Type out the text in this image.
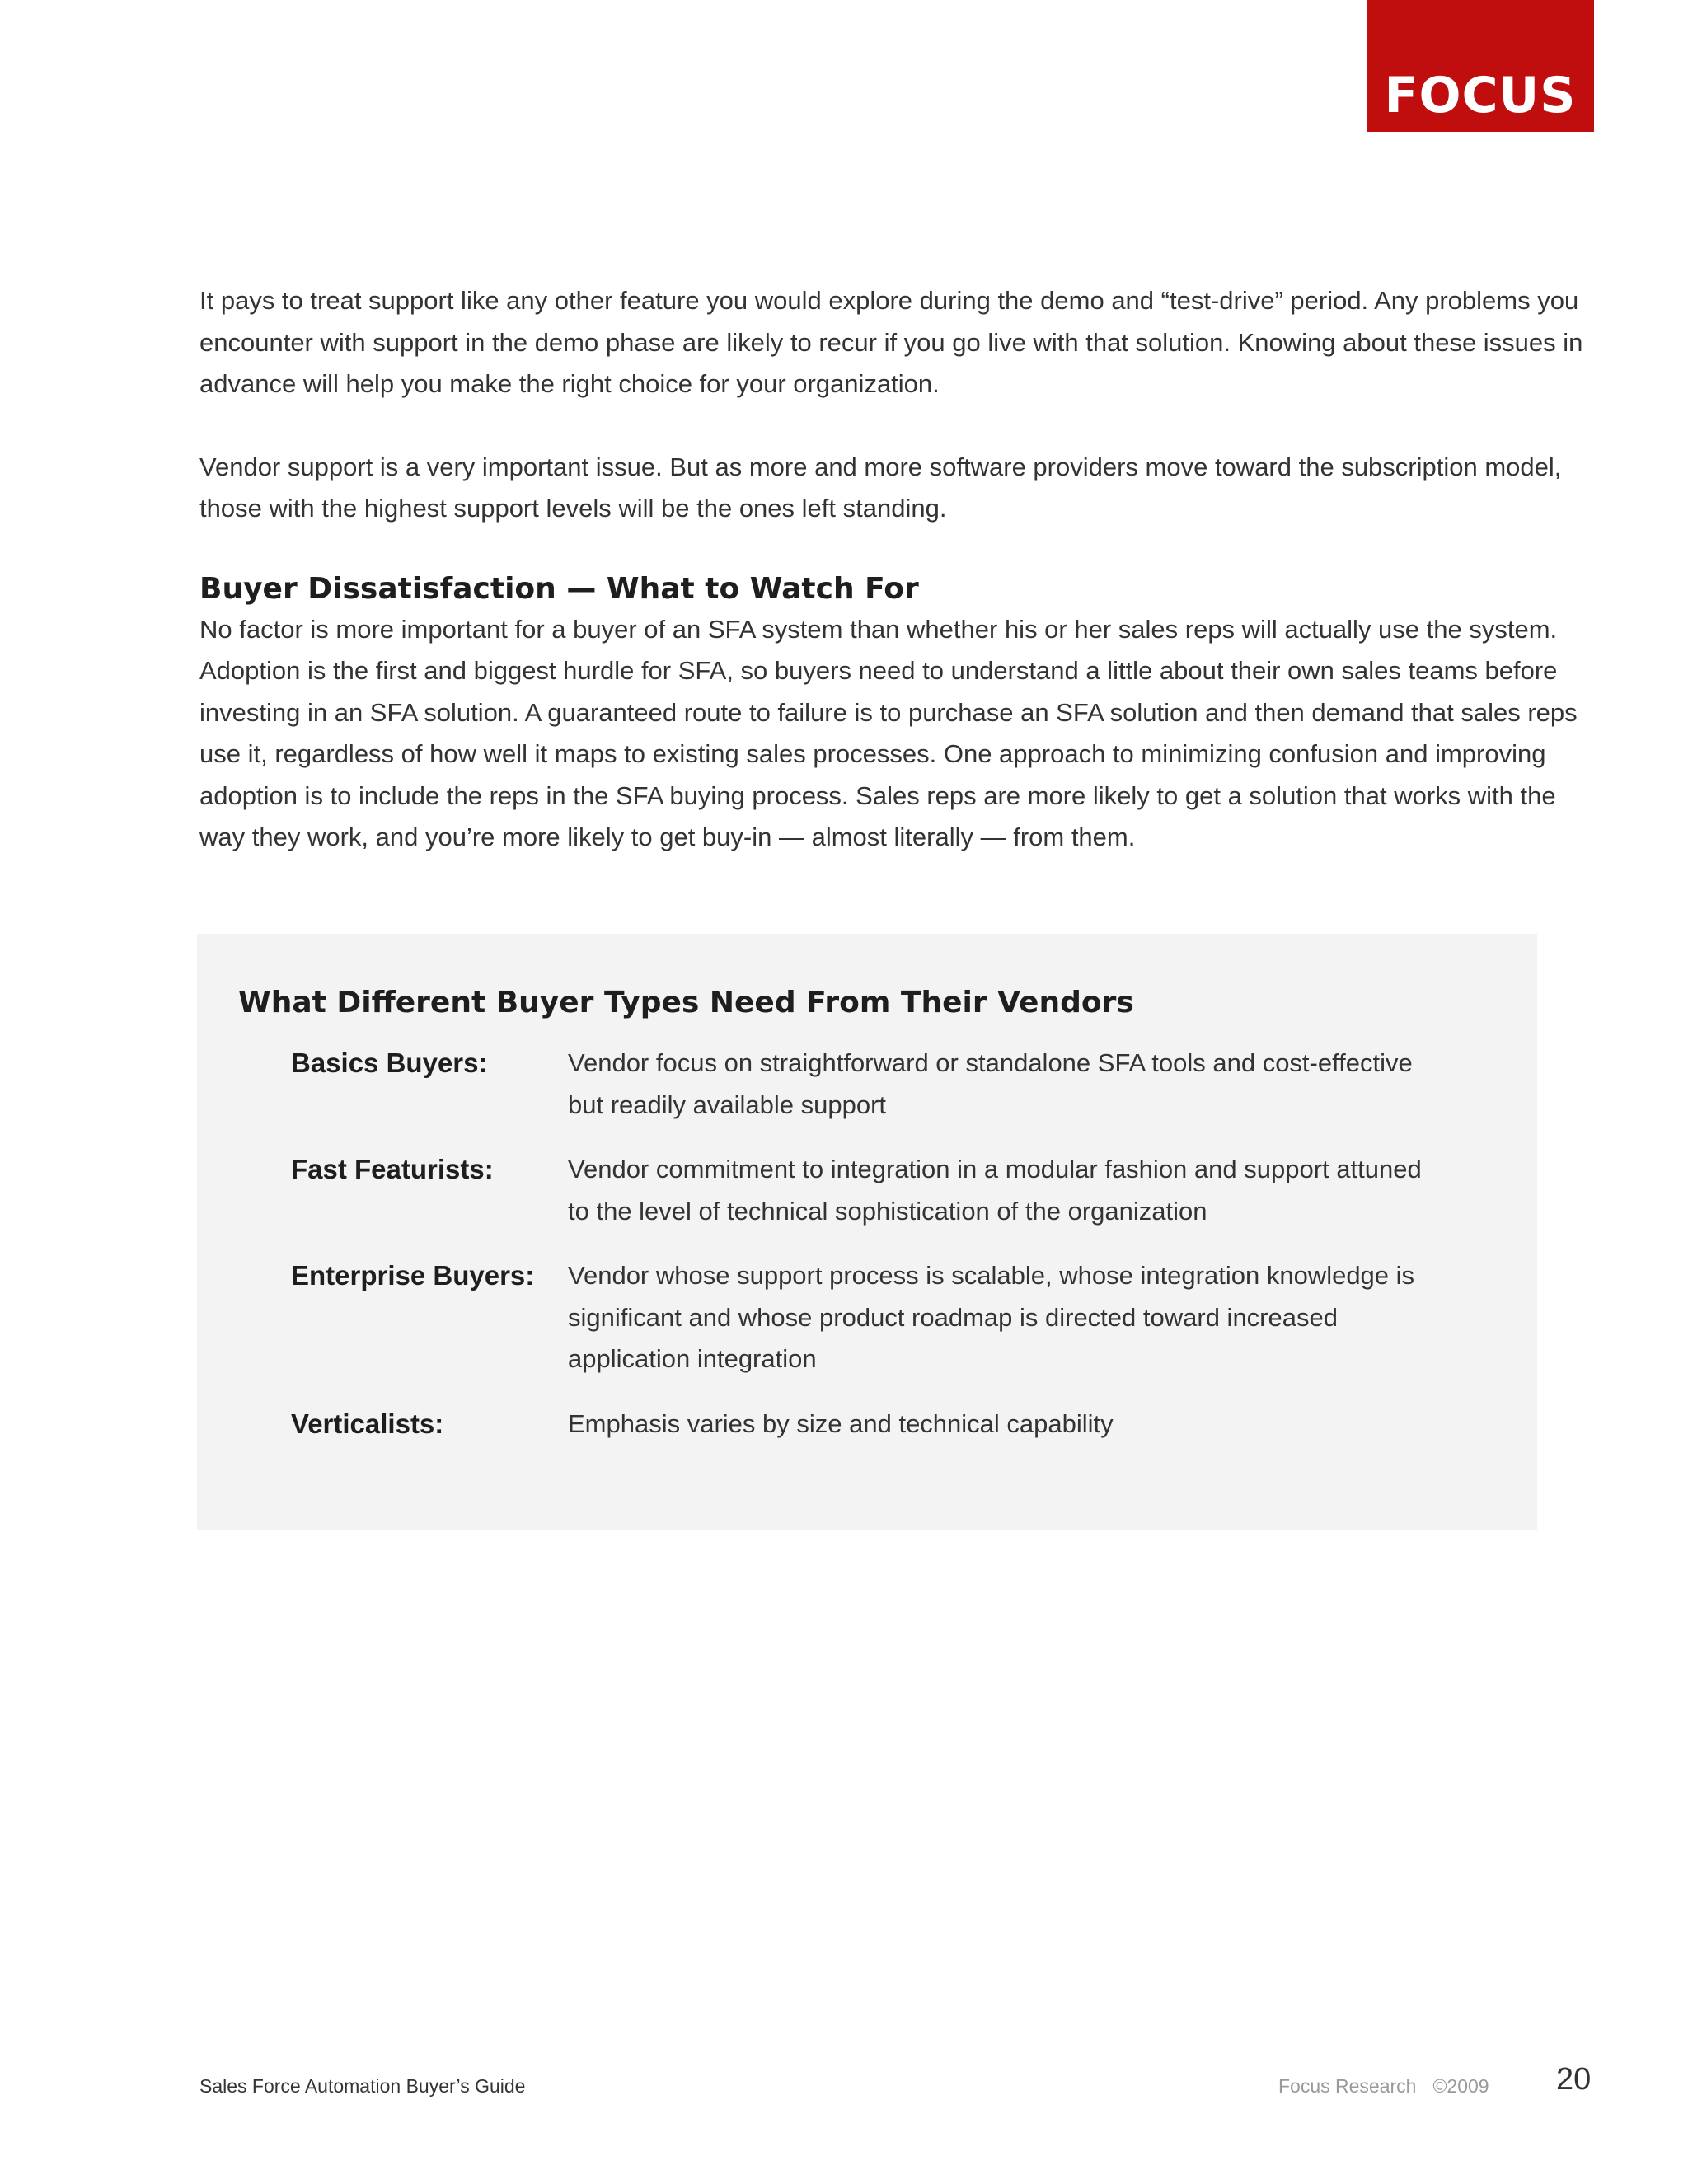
FOCUS

It pays to treat support like any other feature you would explore during the demo and “test-drive” period. Any problems you encounter with support in the demo phase are likely to recur if you go live with that solution. Knowing about these issues in advance will help you make the right choice for your organization.

Vendor support is a very important issue. But as more and more software providers move toward the subscription model, those with the highest support levels will be the ones left standing.

Buyer Dissatisfaction — What to Watch For

No factor is more important for a buyer of an SFA system than whether his or her sales reps will actually use the system. Adoption is the first and biggest hurdle for SFA, so buyers need to understand a little about their own sales teams before investing in an SFA solution. A guaranteed route to failure is to purchase an SFA solution and then demand that sales reps use it, regardless of how well it maps to existing sales processes. One approach to minimizing confusion and improving adoption is to include the reps in the SFA buying process. Sales reps are more likely to get a solution that works with the way they work, and you’re more likely to get buy-in — almost literally — from them.

What Different Buyer Types Need From Their Vendors
Basics Buyers:	Vendor focus on straightforward or standalone SFA tools and cost-effective but readily available support
Fast Featurists:	Vendor commitment to integration in a modular fashion and support attuned to the level of technical sophistication of the organization
Enterprise Buyers:	Vendor whose support process is scalable, whose integration knowledge is significant and whose product roadmap is directed toward increased application integration
Verticalists:	Emphasis varies by size and technical capability
Sales Force Automation Buyer’s Guide	Focus Research ©2009 20
